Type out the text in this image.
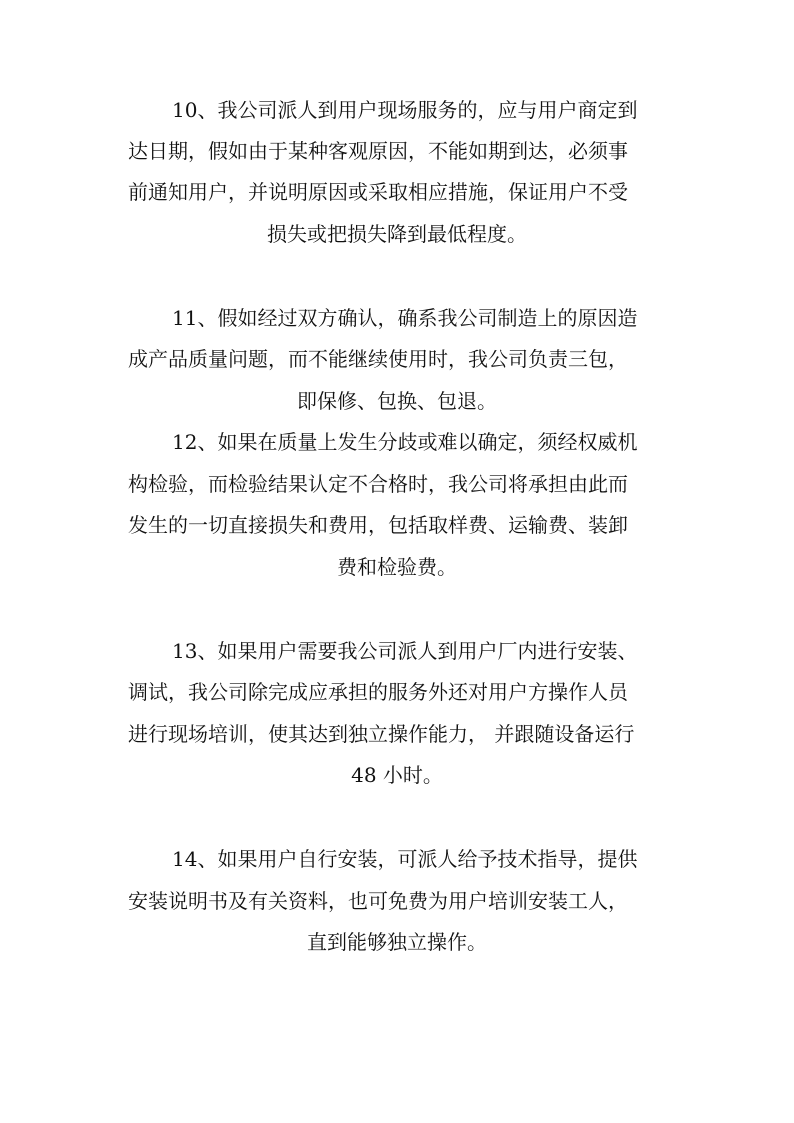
10、我公司派人到用户现场服务的，应与用户商定到
达日期，假如由于某种客观原因，不能如期到达，必须事
前通知用户，并说明原因或采取相应措施，保证用户不受
损失或把损失降到最低程度。
11、假如经过双方确认，确系我公司制造上的原因造
成产品质量问题，而不能继续使用时，我公司负责三包，
即保修、包换、包退。
12、如果在质量上发生分歧或难以确定，须经权威机
构检验，而检验结果认定不合格时，我公司将承担由此而
发生的一切直接损失和费用，包括取样费、运输费、装卸
费和检验费。
13、如果用户需要我公司派人到用户厂内进行安装、
调试，我公司除完成应承担的服务外还对用户方操作人员
进行现场培训，使其达到独立操作能力， 并跟随设备运行
48 小时。
14、如果用户自行安装，可派人给予技术指导，提供
安装说明书及有关资料，也可免费为用户培训安装工人，
直到能够独立操作。
